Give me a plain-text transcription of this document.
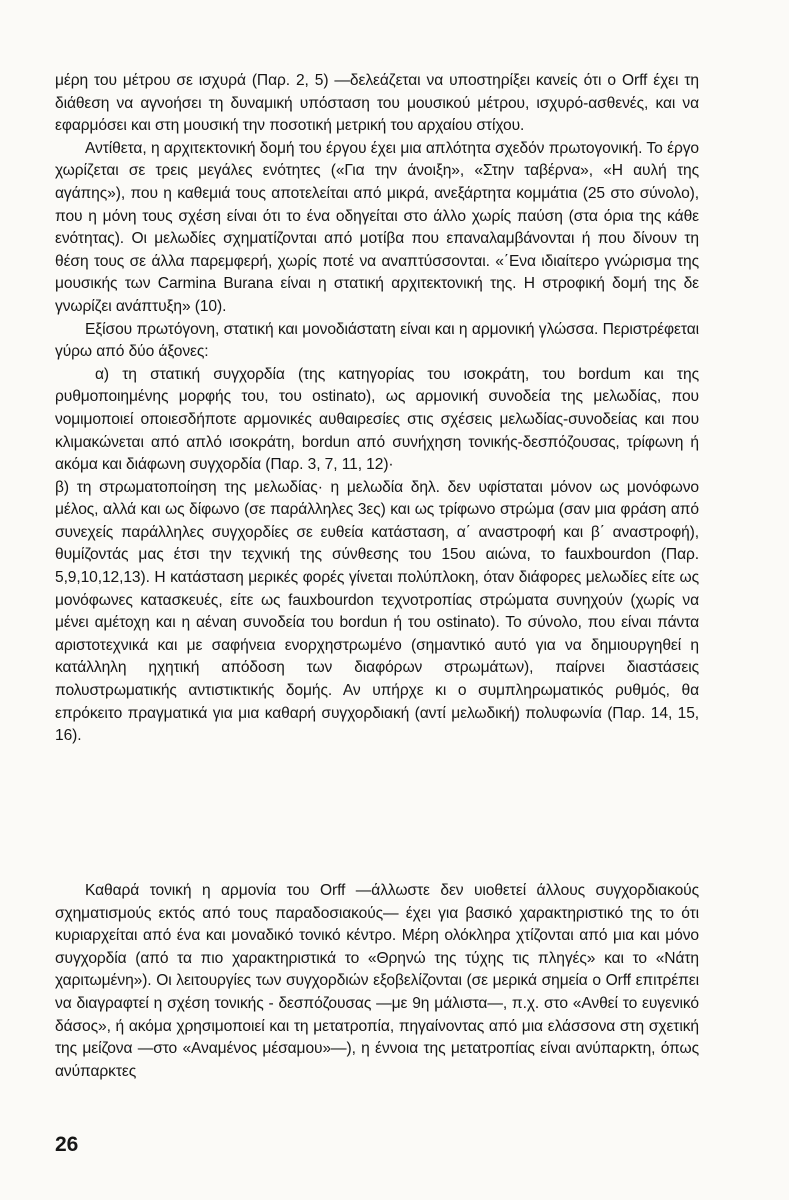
μέρη του μέτρου σε ισχυρά (Παρ. 2, 5) —δελεάζεται να υποστηρίξει κανείς ότι ο Orff έχει τη διάθεση να αγνοήσει τη δυναμική υπόσταση του μουσικού μέτρου, ισχυρό-ασθενές, και να εφαρμόσει και στη μουσική την ποσοτική μετρική του αρχαίου στίχου.

Αντίθετα, η αρχιτεκτονική δομή του έργου έχει μια απλότητα σχεδόν πρωτογονική. Το έργο χωρίζεται σε τρεις μεγάλες ενότητες («Για την άνοιξη», «Στην ταβέρνα», «Η αυλή της αγάπης»), που η καθεμιά τους αποτελείται από μικρά, ανεξάρτητα κομμάτια (25 στο σύνολο), που η μόνη τους σχέση είναι ότι το ένα οδηγείται στο άλλο χωρίς παύση (στα όρια της κάθε ενότητας). Οι μελωδίες σχηματίζονται από μοτίβα που επαναλαμβάνονται ή που δίνουν τη θέση τους σε άλλα παρεμφερή, χωρίς ποτέ να αναπτύσσονται. «΄Ενα ιδιαίτερο γνώρισμα της μουσικής των Carmina Burana είναι η στατική αρχιτεκτονική της. Η στροφική δομή της δε γνωρίζει ανάπτυξη» (10).

Εξίσου πρωτόγονη, στατική και μονοδιάστατη είναι και η αρμονική γλώσσα. Περιστρέφεται γύρω από δύο άξονες:

α) τη στατική συγχορδία (της κατηγορίας του ισοκράτη, του bordum και της ρυθμοποιημένης μορφής του, του ostinato), ως αρμονική συνοδεία της μελωδίας, που νομιμοποιεί οποιεσδήποτε αρμονικές αυθαιρεσίες στις σχέσεις μελωδίας-συνοδείας και που κλιμακώνεται από απλό ισοκράτη, bordun από συνήχηση τονικής-δεσπόζουσας, τρίφωνη ή ακόμα και διάφωνη συγχορδία (Παρ. 3, 7, 11, 12)·

β) τη στρωματοποίηση της μελωδίας· η μελωδία δηλ. δεν υφίσταται μόνον ως μονόφωνο μέλος, αλλά και ως δίφωνο (σε παράλληλες 3ες) και ως τρίφωνο στρώμα (σαν μια φράση από συνεχείς παράλληλες συγχορδίες σε ευθεία κατάσταση, α΄ αναστροφή και β΄ αναστροφή), θυμίζοντάς μας έτσι την τεχνική της σύνθεσης του 15ου αιώνα, το fauxbourdon (Παρ. 5,9,10,12,13). Η κατάσταση μερικές φορές γίνεται πολύπλοκη, όταν διάφορες μελωδίες είτε ως μονόφωνες κατασκευές, είτε ως fauxbourdon τεχνοτροπίας στρώματα συνηχούν (χωρίς να μένει αμέτοχη και η αέναη συνοδεία του bordun ή του ostinato). Το σύνολο, που είναι πάντα αριστοτεχνικά και με σαφήνεια ενορχηστρωμένο (σημαντικό αυτό για να δημιουργηθεί η κατάλληλη ηχητική απόδοση των διαφόρων στρωμάτων), παίρνει διαστάσεις πολυστρωματικής αντιστικτικής δομής. Αν υπήρχε κι ο συμπληρωματικός ρυθμός, θα επρόκειτο πραγματικά για μια καθαρή συγχορδιακή (αντί μελωδική) πολυφωνία (Παρ. 14, 15, 16).

Καθαρά τονική η αρμονία του Orff —άλλωστε δεν υιοθετεί άλλους συγχορδιακούς σχηματισμούς εκτός από τους παραδοσιακούς— έχει για βασικό χαρακτηριστικό της το ότι κυριαρχείται από ένα και μοναδικό τονικό κέντρο. Μέρη ολόκληρα χτίζονται από μια και μόνο συγχορδία (από τα πιο χαρακτηριστικά το «Θρηνώ της τύχης τις πληγές» και το «Νάτη χαριτωμένη»). Οι λειτουργίες των συγχορδιών εξοβελίζονται (σε μερικά σημεία ο Orff επιτρέπει να διαγραφτεί η σχέση τονικής - δεσπόζουσας —με 9η μάλιστα—, π.χ. στο «Ανθεί το ευγενικό δάσος», ή ακόμα χρησιμοποιεί και τη μετατροπία, πηγαίνοντας από μια ελάσσονα στη σχετική της μείζονα —στο «Αναμένος μέσαμου»—), η έννοια της μετατροπίας είναι ανύπαρκτη, όπως ανύπαρκτες

26
